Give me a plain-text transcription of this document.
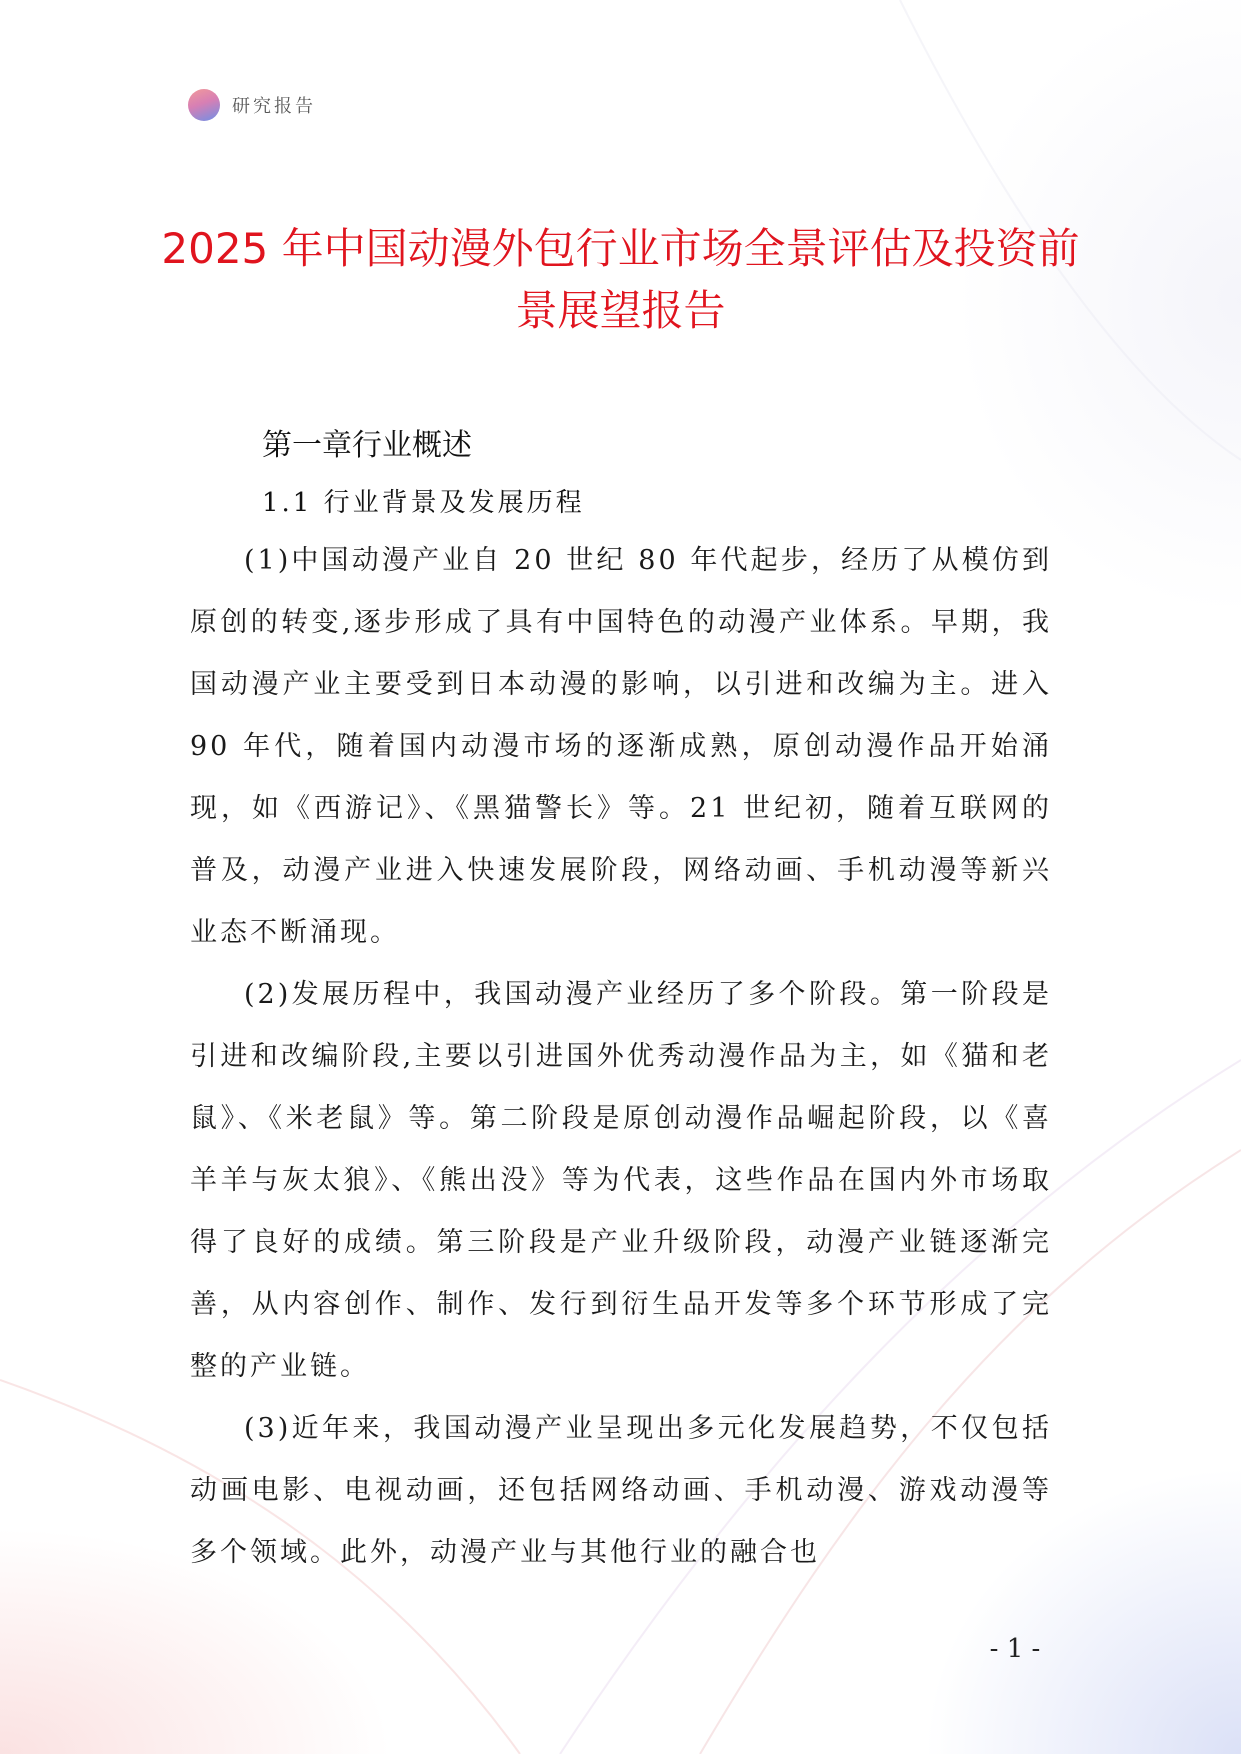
研究报告
2025 年中国动漫外包行业市场全景评估及投资前景展望报告
第一章行业概述
1.1 行业背景及发展历程

(1)中国动漫产业自 20 世纪 80 年代起步，经历了从模仿到原创的转变,逐步形成了具有中国特色的动漫产业体系。早期，我国动漫产业主要受到日本动漫的影响，以引进和改编为主。进入 90 年代，随着国内动漫市场的逐渐成熟，原创动漫作品开始涌现，如《西游记》、《黑猫警长》等。21 世纪初，随着互联网的普及，动漫产业进入快速发展阶段，网络动画、手机动漫等新兴业态不断涌现。

(2)发展历程中，我国动漫产业经历了多个阶段。第一阶段是引进和改编阶段,主要以引进国外优秀动漫作品为主，如《猫和老鼠》、《米老鼠》等。第二阶段是原创动漫作品崛起阶段，以《喜羊羊与灰太狼》、《熊出没》等为代表，这些作品在国内外市场取得了良好的成绩。第三阶段是产业升级阶段，动漫产业链逐渐完善，从内容创作、制作、发行到衍生品开发等多个环节形成了完整的产业链。

(3)近年来，我国动漫产业呈现出多元化发展趋势，不仅包括动画电影、电视动画，还包括网络动画、手机动漫、游戏动漫等多个领域。此外，动漫产业与其他行业的融合也

- 1 -
